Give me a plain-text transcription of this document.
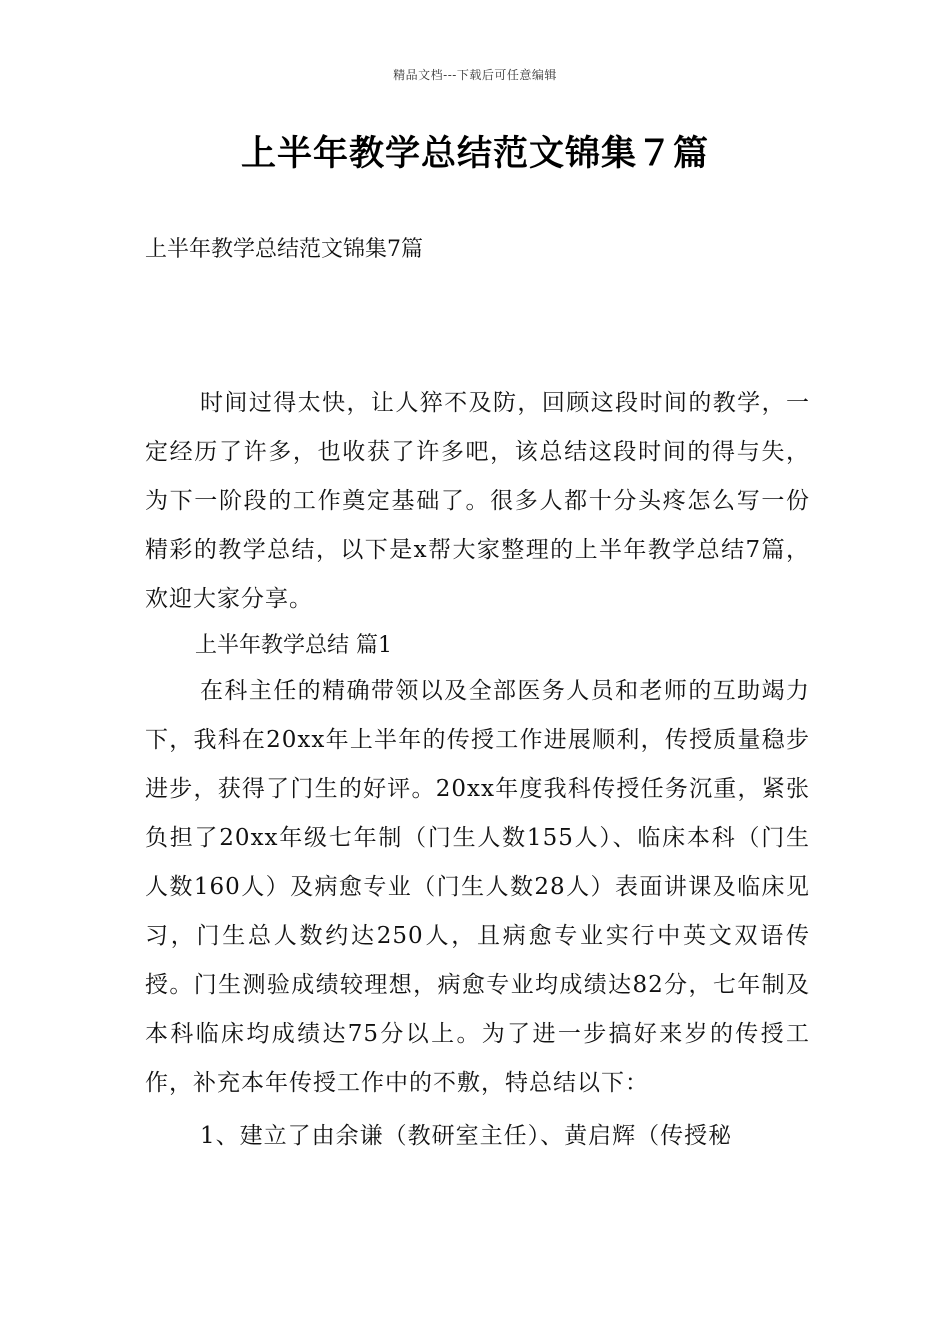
精品文档---下载后可任意编辑
上半年教学总结范文锦集７篇

上半年教学总结范文锦集7篇

时间过得太快，让人猝不及防，回顾这段时间的教学，一定经历了许多，也收获了许多吧，该总结这段时间的得与失，为下一阶段的工作奠定基础了。很多人都十分头疼怎么写一份精彩的教学总结，以下是x帮大家整理的上半年教学总结7篇，欢迎大家分享。

上半年教学总结 篇1

在科主任的精确带领以及全部医务人员和老师的互助竭力下，我科在20xx年上半年的传授工作进展顺利，传授质量稳步进步，获得了门生的好评。20xx年度我科传授任务沉重，紧张负担了20xx年级七年制（门生人数155人）、临床本科（门生人数160人）及病愈专业（门生人数28人）表面讲课及临床见习，门生总人数约达250人，且病愈专业实行中英文双语传授。门生测验成绩较理想，病愈专业均成绩达82分，七年制及本科临床均成绩达75分以上。为了进一步搞好来岁的传授工作，补充本年传授工作中的不敷，特总结以下：

1、建立了由余谦（教研室主任）、黄启辉（传授秘
